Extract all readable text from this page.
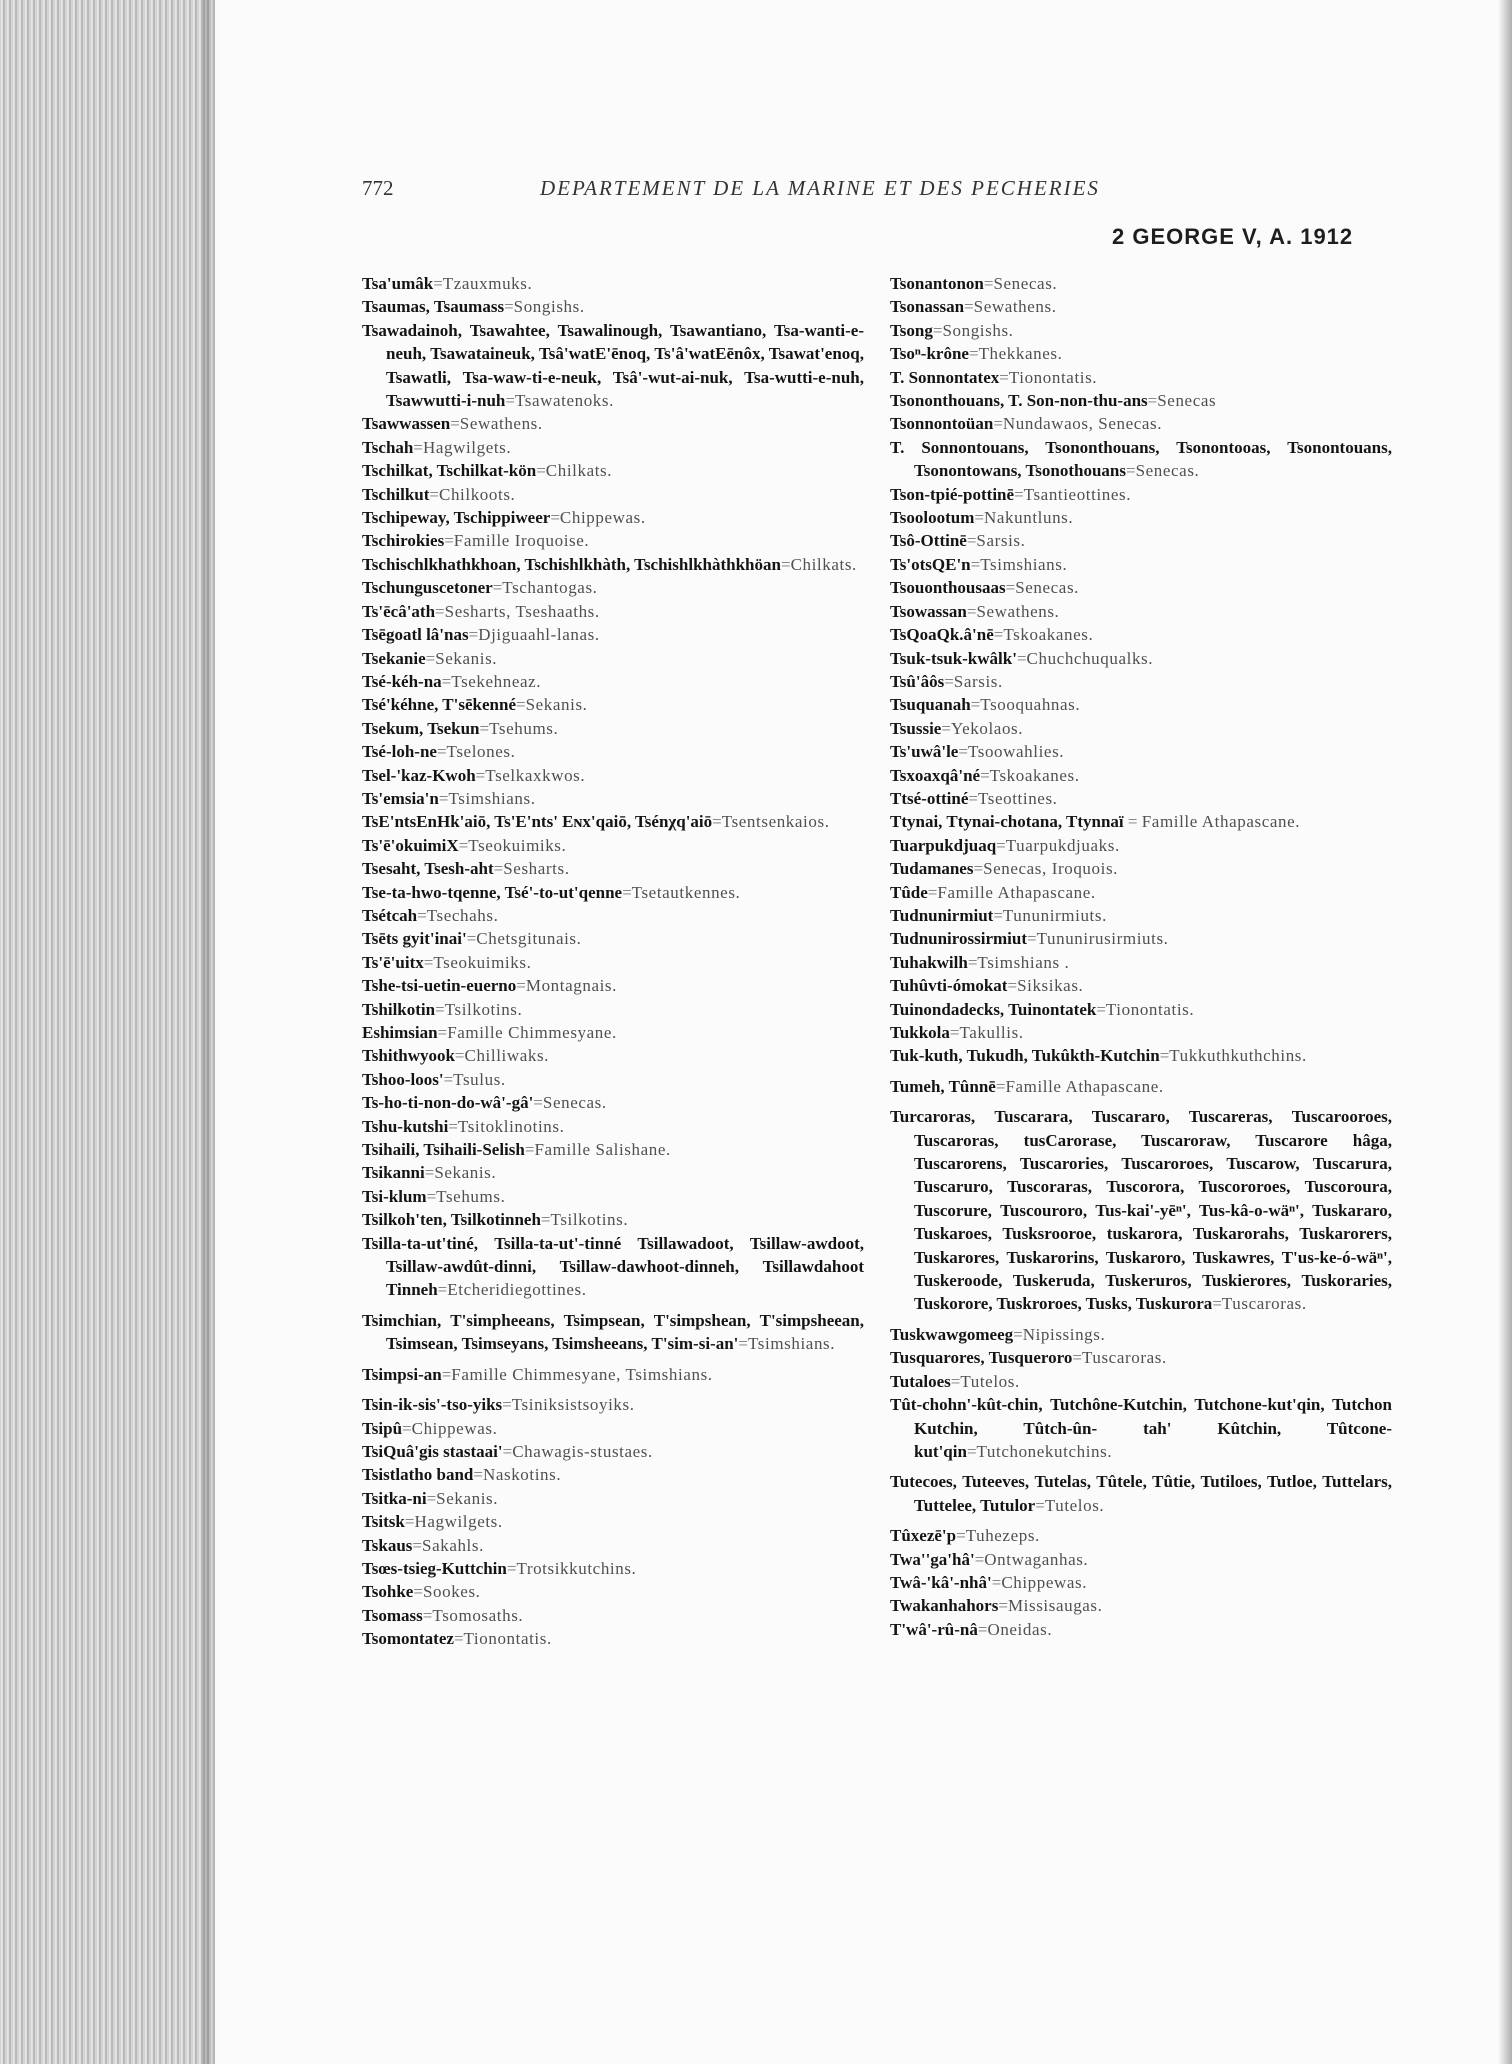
772	DEPARTEMENT DE LA MARINE ET DES PECHERIES
2 GEORGE V, A. 1912
Tsa'umâk=Tzauxmuks.
Tsaumas, Tsaumass=Songishs.
Tsawadainoh, Tsawahtee, Tsawalinough, Tsawantiano, Tsa-wanti-e-neuh, Tsawataineuk, Tsâ'watE'ēnoq, Ts'â'watEēnôx, Tsawat'enoq, Tsawatli, Tsa-waw-ti-e-neuk, Tsâ'-wut-ai-nuk, Tsa-wutti-e-nuh, Tsawwutti-i-nuh=Tsawatenoks.
Tsawwassen=Sewathens.
Tschah=Hagwilgets.
Tschilkat, Tschilkat-kön=Chilkats.
Tschilkut=Chilkoots.
Tschipeway, Tschippiweer=Chippewas.
Tschirokies=Famille Iroquoise.
Tschischlkhathkhoan, Tschishlkhàth, Tschishlkhàthkhöan=Chilkats.
Tschunguscetoner=Tschantogas.
Ts'ēcâ'ath=Sesharts, Tseshaaths.
Tsēgoatl lâ'nas=Djiguaahl-lanas.
Tsekanie=Sekanis.
Tsé-kéh-na=Tsekehneaz.
Tsé'kéhne, T'sēkenné=Sekanis.
Tsekum, Tsekun=Tsehums.
Tsé-loh-ne=Tselones.
Tsel-'kaz-Kwoh=Tselkaxkwos.
Ts'emsia'n=Tsimshians.
TsE'ntsEnHk'aiō, Ts'E'nts' Eɴx'qaiō, Tsénχq'aiō=Tsentsenkaios.
Ts'ē'okuimiX=Tseokuimiks.
Tsesaht, Tsesh-aht=Sesharts.
Tse-ta-hwo-tqenne, Tsé'-to-ut'qenne=Tsetautkennes.
Tsétcah=Tsechahs.
Tsēts gyit'inai'=Chetsgitunais.
Ts'ē'uitx=Tseokuimiks.
Tshe-tsi-uetin-euerno=Montagnais.
Tshilkotin=Tsilkotins.
Eshimsian=Famille Chimmesyane.
Tshithwyook=Chilliwaks.
Tshoo-loos'=Tsulus.
Ts-ho-ti-non-do-wâ'-gâ'=Senecas.
Tshu-kutshi=Tsitoklinotins.
Tsihaili, Tsihaili-Selish=Famille Salishane.
Tsikanni=Sekanis.
Tsi-klum=Tsehums.
Tsilkoh'ten, Tsilkotinneh=Tsilkotins.
Tsilla-ta-ut'tiné, Tsilla-ta-ut'-tinné Tsillawadoot, Tsillaw-awdoot, Tsillaw-awdût-dinni, Tsillaw-dawhoot-dinneh, Tsillawdahoot Tinneh=Etcheridiegottines.
Tsimchian, T'simpheeans, Tsimpsean, T'simpshean, T'simpsheean, Tsimsean, Tsimseyans, Tsimsheeans, T'sim-si-an'=Tsimshians.
Tsimpsi-an=Famille Chimmesyane, Tsimshians.
Tsin-ik-sis'-tso-yiks=Tsiniksistsoyiks.
Tsipû=Chippewas.
TsiQuâ'gis stastaai'=Chawagis-stustaes.
Tsistlatho band=Naskotins.
Tsitka-ni=Sekanis.
Tsitsk=Hagwilgets.
Tskaus=Sakahls.
Tsœs-tsieg-Kuttchin=Trotsikkutchins.
Tsohke=Sookes.
Tsomass=Tsomosaths.
Tsomontatez=Tionontatis.
Tsonantonon=Senecas.
Tsonassan=Sewathens.
Tsong=Songishs.
Tsoⁿ-krône=Thekkanes.
T. Sonnontatex=Tionontatis.
Tsononthouans, T. Son-non-thu-ans=Senecas
Tsonnontoüan=Nundawaos, Senecas.
T. Sonnontouans, Tsononthouans, Tsonontooas, Tsonontouans, Tsonontowans, Tsonothouans=Senecas.
Tson-tpié-pottinē=Tsantieottines.
Tsoolootum=Nakuntluns.
Tsô-Ottinē=Sarsis.
Ts'otsQE'n=Tsimshians.
Tsouonthousaas=Senecas.
Tsowassan=Sewathens.
TsQoaQk.â'nē=Tskoakanes.
Tsuk-tsuk-kwâlk'=Chuchchuqualks.
Tsû'âôs=Sarsis.
Tsuquanah=Tsooquahnas.
Tsussie=Yekolaos.
Ts'uwâ'le=Tsoowahlies.
Tsxoaxqâ'né=Tskoakanes.
Ttsé-ottiné=Tseottines.
Ttynai, Ttynai-chotana, Ttynnaï = Famille Athapascane.
Tuarpukdjuaq=Tuarpukdjuaks.
Tudamanes=Senecas, Iroquois.
Tûde=Famille Athapascane.
Tudnunirmiut=Tununirmiuts.
Tudnunirossirmiut=Tununirusirmiuts.
Tuhakwilh=Tsimshians .
Tuhûvti-ómokat=Siksikas.
Tuinondadecks, Tuinontatek=Tionontatis.
Tukkola=Takullis.
Tuk-kuth, Tukudh, Tukûkth-Kutchin=Tukkuthkuthchins.
Tumeh, Tûnnē=Famille Athapascane.
Turcaroras, Tuscarara, Tuscararo, Tuscareras, Tuscarooroes, Tuscaroras, tusCarorase, Tuscaroraw, Tuscarore hâga, Tuscarorens, Tuscarories, Tuscaroroes, Tuscarow, Tuscarura, Tuscaruro, Tuscoraras, Tuscorora, Tuscororoes, Tuscoroura, Tuscorure, Tuscouroro, Tus-kai'-yēⁿ', Tus-kâ-o-wäⁿ', Tuskararo, Tuskaroes, Tusksrooroe, tuskarora, Tuskarorahs, Tuskarorers, Tuskarores, Tuskarorins, Tuskaroro, Tuskawres, T'us-ke-ó-wäⁿ', Tuskeroode, Tuskeruda, Tuskeruros, Tuskierores, Tuskoraries, Tuskorore, Tuskroroes, Tusks, Tuskurora=Tuscaroras.
Tuskwawgomeeg=Nipissings.
Tusquarores, Tusqueroro=Tuscaroras.
Tutaloes=Tutelos.
Tût-chohn'-kût-chin, Tutchône-Kutchin, Tutchone-kut'qin, Tutchon Kutchin, Tûtch-ûn- tah' Kûtchin, Tûtcone-kut'qin=Tutchonekutchins.
Tutecoes, Tuteeves, Tutelas, Tûtele, Tûtie, Tutiloes, Tutloe, Tuttelars, Tuttelee, Tutulor=Tutelos.
Tûxezē'p=Tuhezeps.
Twa''ga'hâ'=Ontwaganhas.
Twâ-'kâ'-nhâ'=Chippewas.
Twakanhahors=Missisaugas.
T'wâ'-rû-nâ=Oneidas.
